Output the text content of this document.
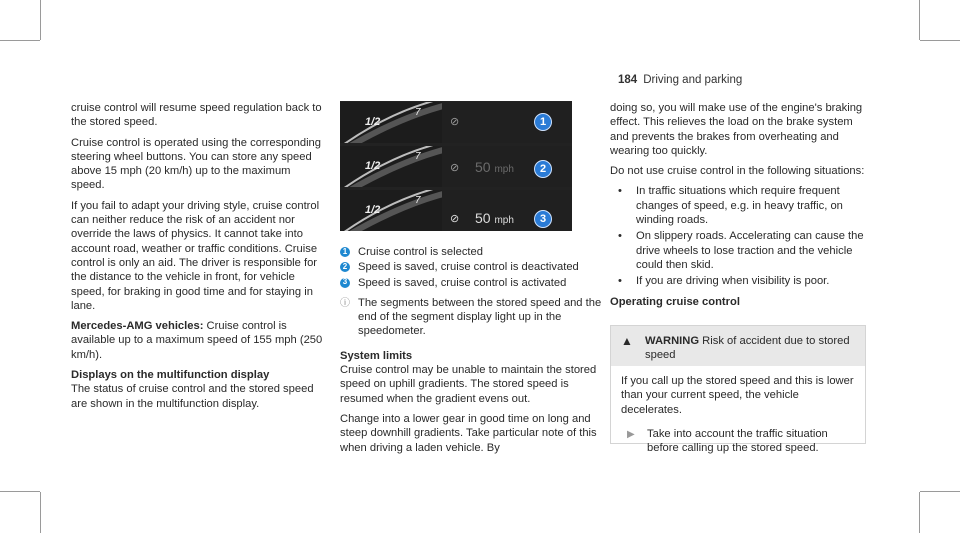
184 Driving and parking

cruise control will resume speed regulation back to the stored speed.

Cruise control is operated using the corresponding steering wheel buttons. You can store any speed above 15 mph (20 km/h) up to the maximum speed.

If you fail to adapt your driving style, cruise control can neither reduce the risk of an accident nor override the laws of physics. It cannot take into account road, weather or traffic conditions. Cruise control is only an aid. The driver is responsible for the distance to the vehicle in front, for vehicle speed, for braking in good time and for staying in lane.

Mercedes-AMG vehicles: Cruise control is available up to a maximum speed of 155 mph (250 km/h).

Displays on the multifunction display

The status of cruise control and the stored speed are shown in the multifunction display.

1/2
7
⊘	1
1/2
7
⊘ 50 mph	2
1/2
7
⊘ 50 mph	3
1 Cruise control is selected
2 Speed is saved, cruise control is deactivated
3 Speed is saved, cruise control is activated
ⓘ The segments between the stored speed and the end of the segment display light up in the speedometer.
System limits

Cruise control may be unable to maintain the stored speed on uphill gradients. The stored speed is resumed when the gradient evens out.

Change into a lower gear in good time on long and steep downhill gradients. Take particular note of this when driving a laden vehicle. By

doing so, you will make use of the engine's braking effect. This relieves the load on the brake system and prevents the brakes from overheating and wearing too quickly.

Do not use cruise control in the following situations:

•	In traffic situations which require frequent changes of speed, e.g. in heavy traffic, on winding roads.
•	On slippery roads. Accelerating can cause the drive wheels to lose traction and the vehicle could then skid.
•	If you are driving when visibility is poor.
Operating cruise control
▲	WARNING Risk of accident due to stored speed
If you call up the stored speed and this is lower than your current speed, the vehicle decelerates.
▶	Take into account the traffic situation before calling up the stored speed.
